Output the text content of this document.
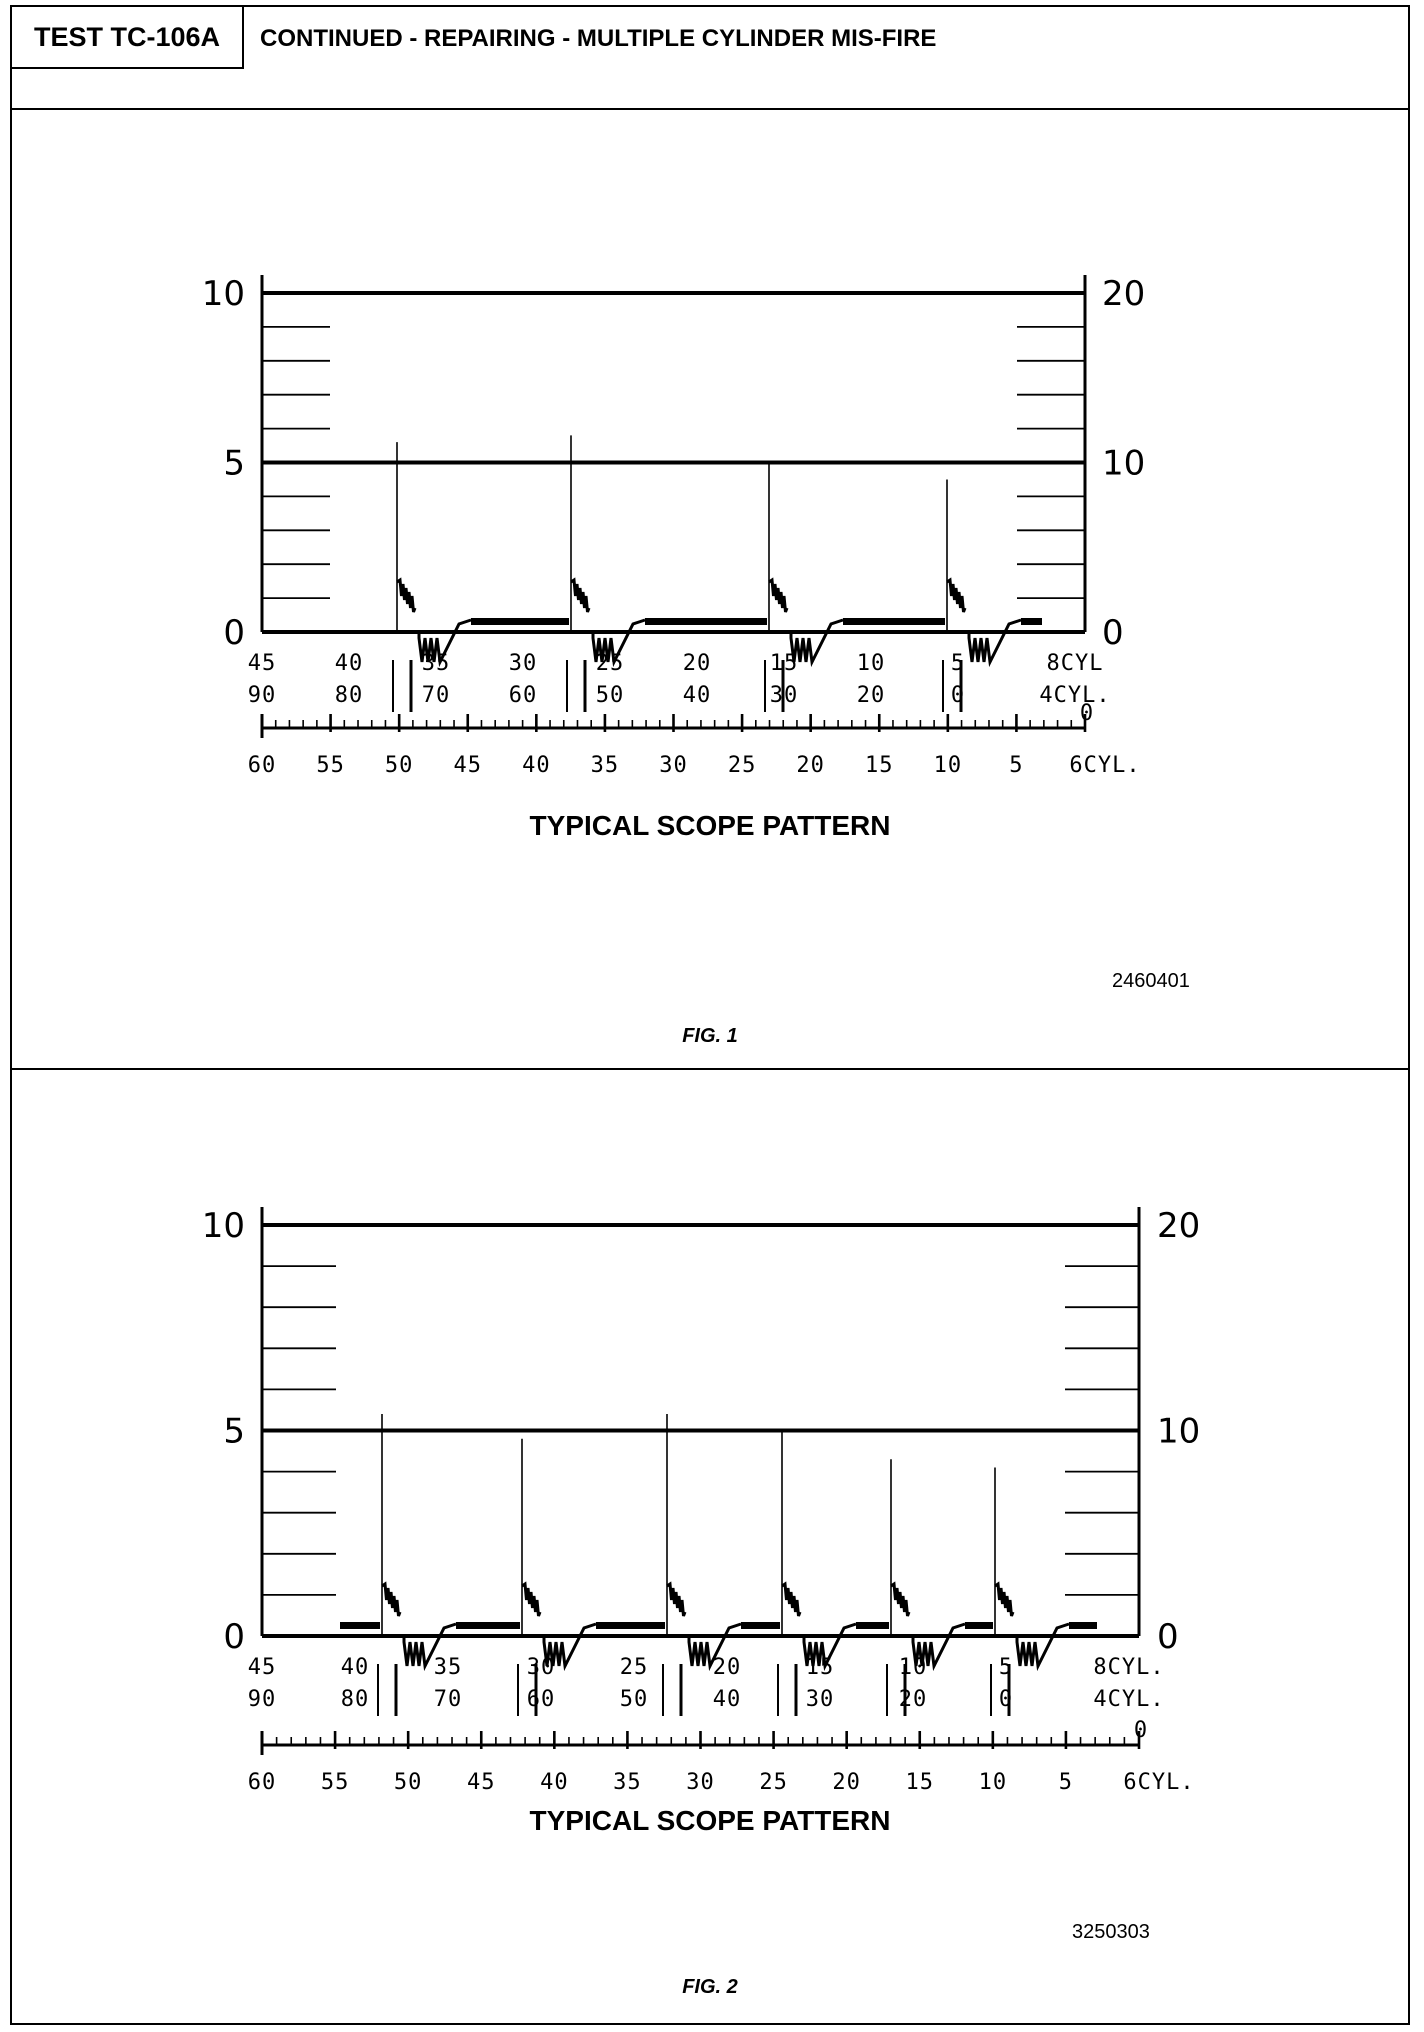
TEST TC-106A	CONTINUED - REPAIRING - MULTIPLE CYLINDER MIS-FIRE
10
5
0
20
10
0
45	40	35	30	25	20	15	10	5	8CYL
90	80	70	60	50	40	30	20	0	4CYL.
0
60 55 50 45 40 35 30 25 20 15 10 5 6CYL.
TYPICAL SCOPE PATTERN
2460401
FIG. 1
10
5
0
20
10
0
45	40	35	30	25	20	15	10	5	8CYL.
90	80	70	60	50	40	30	20	0	4CYL.
0
60 55 50 45 40 35 30 25 20 15 10 5 6CYL.
TYPICAL SCOPE PATTERN
3250303
FIG. 2
